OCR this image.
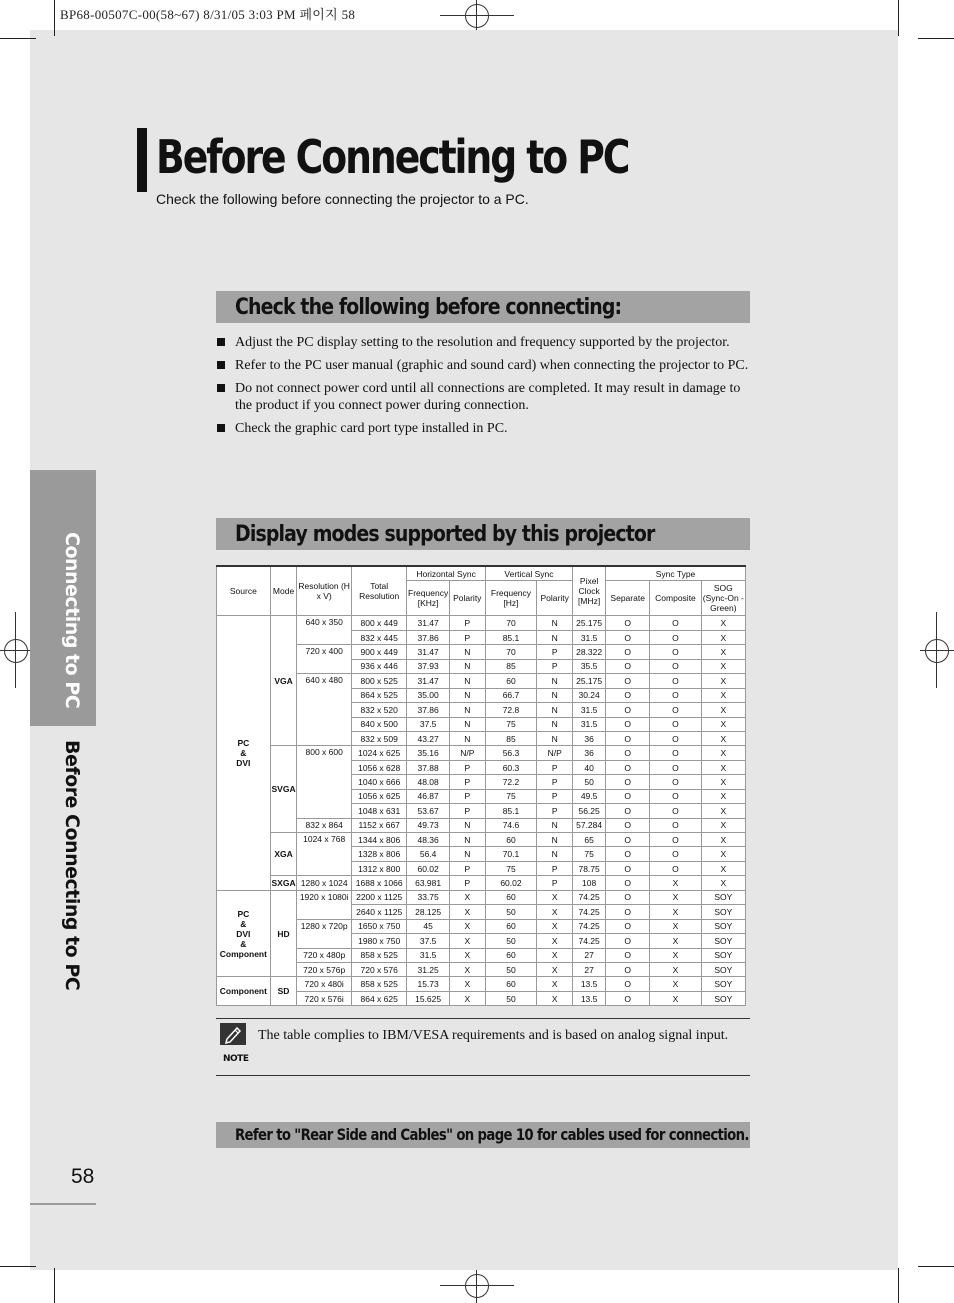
BP68-00507C-00(58~67) 8/31/05 3:03 PM 페이지 58
Connecting to PC
Before Connecting to PC
Before Connecting to PC
Check the following before connecting the projector to a PC.
Check the following before connecting:
Adjust the PC display setting to the resolution and frequency supported by the projector.
Refer to the PC user manual (graphic and sound card) when connecting the projector to PC.
Do not connect power cord until all connections are completed. It may result in damage to the product if you connect power during connection.
Check the graphic card port type installed in PC.
Display modes supported by this projector
Source	Mode	Resolution (H x V)	Total Resolution	Horizontal Sync		Vertical Sync		Pixel Clock [MHz]	Sync Type		
				Frequency [KHz]	Polarity	Frequency [Hz]	Polarity		Separate	Composite	SOG (Sync-On -Green)
PC
&
DVI	VGA	640 x 350	800 x 449	31.47	P	70	N	25.175	O	O	X
			832 x 445	37.86	P	85.1	N	31.5	O	O	X
		720 x 400	900 x 449	31.47	N	70	P	28.322	O	O	X
			936 x 446	37.93	N	85	P	35.5	O	O	X
		640 x 480	800 x 525	31.47	N	60	N	25.175	O	O	X
			864 x 525	35.00	N	66.7	N	30.24	O	O	X
			832 x 520	37.86	N	72.8	N	31.5	O	O	X
			840 x 500	37.5	N	75	N	31.5	O	O	X
			832 x 509	43.27	N	85	N	36	O	O	X
	SVGA	800 x 600	1024 x 625	35.16	N/P	56.3	N/P	36	O	O	X
			1056 x 628	37.88	P	60.3	P	40	O	O	X
			1040 x 666	48.08	P	72.2	P	50	O	O	X
			1056 x 625	46.87	P	75	P	49.5	O	O	X
			1048 x 631	53.67	P	85.1	P	56.25	O	O	X
		832 x 864	1152 x 667	49.73	N	74.6	N	57.284	O	O	X
	XGA	1024 x 768	1344 x 806	48.36	N	60	N	65	O	O	X
			1328 x 806	56.4	N	70.1	N	75	O	O	X
			1312 x 800	60.02	P	75	P	78.75	O	O	X
	SXGA	1280 x 1024	1688 x 1066	63.981	P	60.02	P	108	O	X	X
PC
&
DVI
&
Component	HD	1920 x 1080i	2200 x 1125	33.75	X	60	X	74.25	O	X	SOY
			2640 x 1125	28.125	X	50	X	74.25	O	X	SOY
		1280 x 720p	1650 x 750	45	X	60	X	74.25	O	X	SOY
			1980 x 750	37.5	X	50	X	74.25	O	X	SOY
		720 x 480p	858 x 525	31.5	X	60	X	27	O	X	SOY
		720 x 576p	720 x 576	31.25	X	50	X	27	O	X	SOY
Component	SD	720 x 480i	858 x 525	15.73	X	60	X	13.5	O	X	SOY
		720 x 576i	864 x 625	15.625	X	50	X	13.5	O	X	SOY
NOTE
The table complies to IBM/VESA requirements and is based on analog signal input.
Refer to "Rear Side and Cables" on page 10 for cables used for connection.
58
